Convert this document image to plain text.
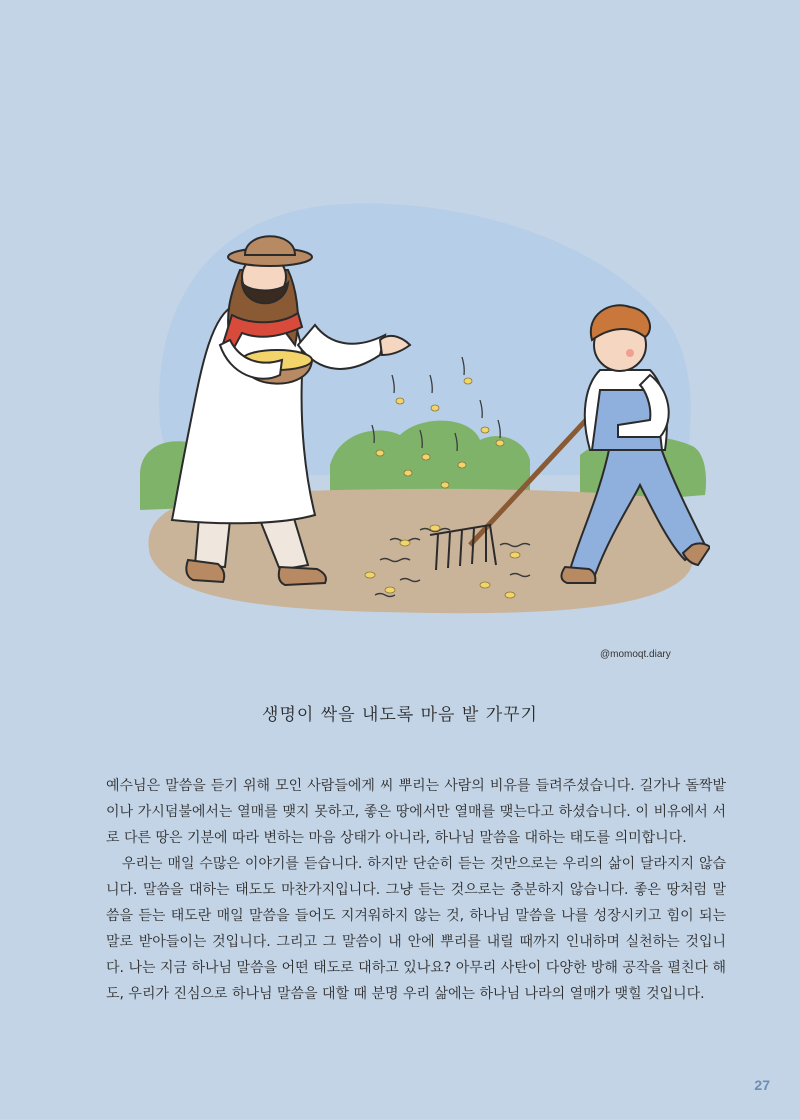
@momoqt.diary
생명이 싹을 내도록 마음 밭 가꾸기

예수님은 말씀을 듣기 위해 모인 사람들에게 씨 뿌리는 사람의 비유를 들려주셨습니다. 길가나 돌짝밭이나 가시덤불에서는 열매를 맺지 못하고, 좋은 땅에서만 열매를 맺는다고 하셨습니다. 이 비유에서 서로 다른 땅은 기분에 따라 변하는 마음 상태가 아니라, 하나님 말씀을 대하는 태도를 의미합니다.

우리는 매일 수많은 이야기를 듣습니다. 하지만 단순히 듣는 것만으로는 우리의 삶이 달라지지 않습니다. 말씀을 대하는 태도도 마찬가지입니다. 그냥 듣는 것으로는 충분하지 않습니다. 좋은 땅처럼 말씀을 듣는 태도란 매일 말씀을 들어도 지겨워하지 않는 것, 하나님 말씀을 나를 성장시키고 힘이 되는 말로 받아들이는 것입니다. 그리고 그 말씀이 내 안에 뿌리를 내릴 때까지 인내하며 실천하는 것입니다. 나는 지금 하나님 말씀을 어떤 태도로 대하고 있나요? 아무리 사탄이 다양한 방해 공작을 펼친다 해도, 우리가 진심으로 하나님 말씀을 대할 때 분명 우리 삶에는 하나님 나라의 열매가 맺힐 것입니다.

27
